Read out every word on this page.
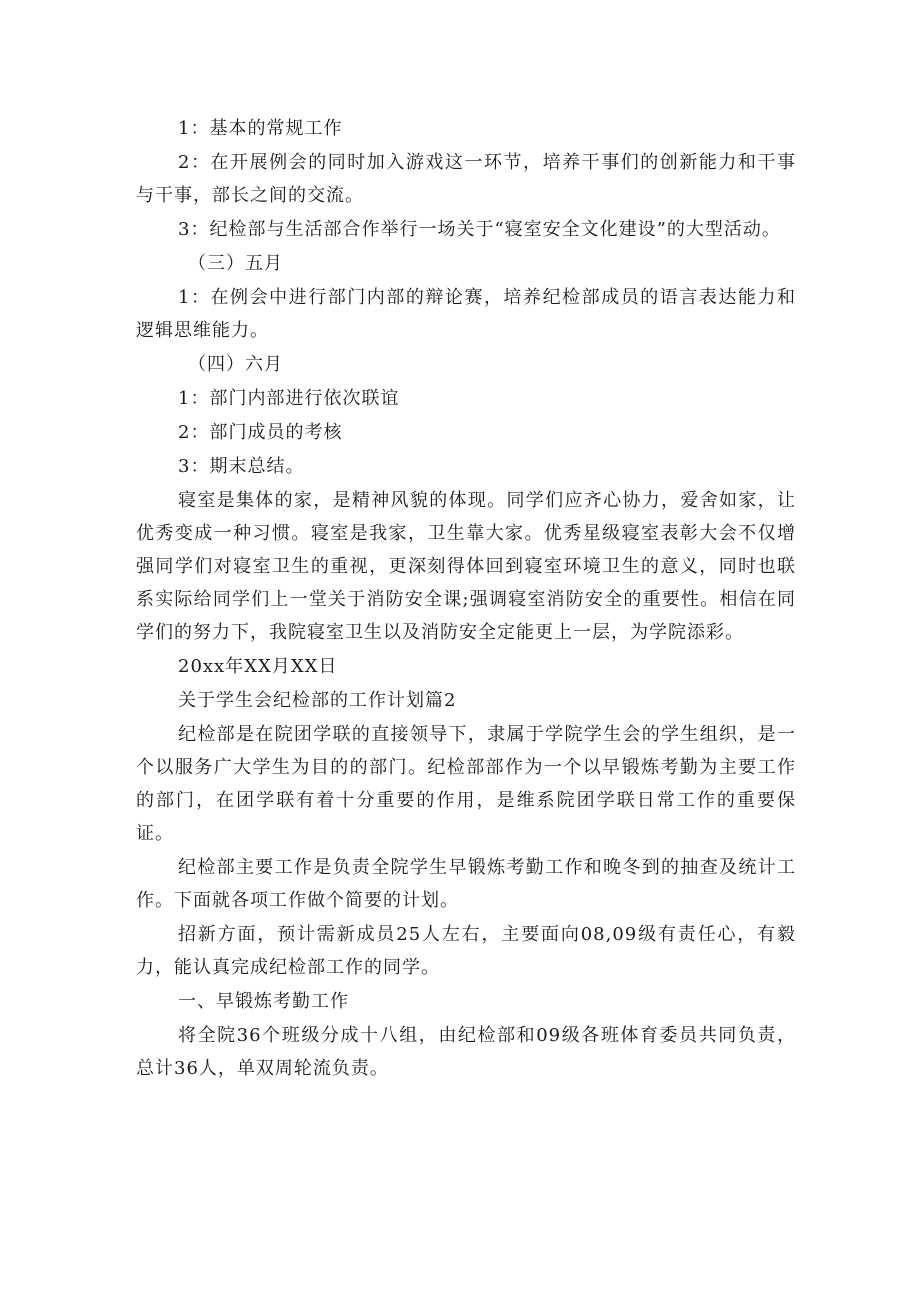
1：基本的常规工作

2：在开展例会的同时加入游戏这一环节，培养干事们的创新能力和干事与干事，部长之间的交流。

3：纪检部与生活部合作举行一场关于“寝室安全文化建设”的大型活动。

（三）五月

1：在例会中进行部门内部的辩论赛，培养纪检部成员的语言表达能力和逻辑思维能力。

（四）六月

1：部门内部进行依次联谊

2：部门成员的考核

3：期末总结。

寝室是集体的家，是精神风貌的体现。同学们应齐心协力，爱舍如家，让优秀变成一种习惯。寝室是我家，卫生靠大家。优秀星级寝室表彰大会不仅增强同学们对寝室卫生的重视，更深刻得体回到寝室环境卫生的意义，同时也联系实际给同学们上一堂关于消防安全课;强调寝室消防安全的重要性。相信在同学们的努力下，我院寝室卫生以及消防安全定能更上一层，为学院添彩。

20xx年XX月XX日

关于学生会纪检部的工作计划篇2

纪检部是在院团学联的直接领导下，隶属于学院学生会的学生组织，是一个以服务广大学生为目的的部门。纪检部部作为一个以早锻炼考勤为主要工作的部门，在团学联有着十分重要的作用，是维系院团学联日常工作的重要保证。

纪检部主要工作是负责全院学生早锻炼考勤工作和晚冬到的抽查及统计工作。下面就各项工作做个简要的计划。

招新方面，预计需新成员25人左右，主要面向08,09级有责任心，有毅力，能认真完成纪检部工作的同学。

一、早锻炼考勤工作

将全院36个班级分成十八组，由纪检部和09级各班体育委员共同负责，总计36人，单双周轮流负责。
